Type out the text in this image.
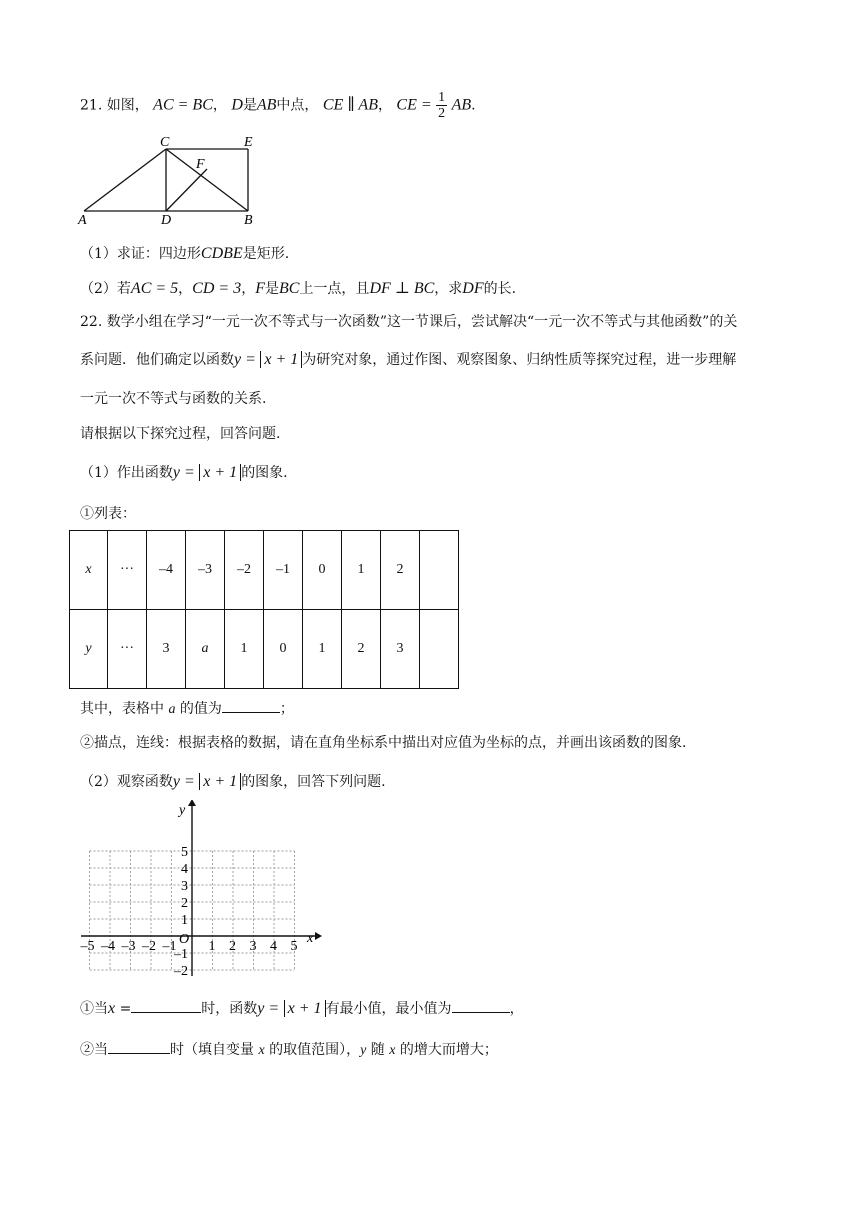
21. 如图， AC = BC， D是AB中点， CE ∥ AB， CE = $\frac{1}{2}$ AB.
A	D	B
C	E
F
（1）求证：四边形CDBE是矩形.
（2）若AC = 5，CD = 3，F是BC上一点，且DF ⊥ BC，求DF的长.
22. 数学小组在学习“一元一次不等式与一次函数”这一节课后，尝试解决“一元一次不等式与其他函数”的关
系问题．他们确定以函数y = x + 1 为研究对象，通过作图、观察图象、归纳性质等探究过程，进一步理解
一元一次不等式与函数的关系.
请根据以下探究过程，回答问题.
（1）作出函数y = x + 1 的图象.
①列表：
x	···	–4	–3	–2	–1	0	1	2	
y	···	3	a	1	0	1	2	3	
其中，表格中 a 的值为	；
②描点，连线：根据表格的数据，请在直角坐标系中描出对应值为坐标的点，并画出该函数的图象.
（2）观察函数y = x + 1 的图象，回答下列问题.
x
y
O
–5 –4 –3 –2 –1 1 2 3 4 5
1
2
3
4
5
–1
–2
①当x =	时，函数y = x + 1 有最小值，最小值为	，
②当	时（填自变量 x 的取值范围），y 随 x 的增大而增大；
